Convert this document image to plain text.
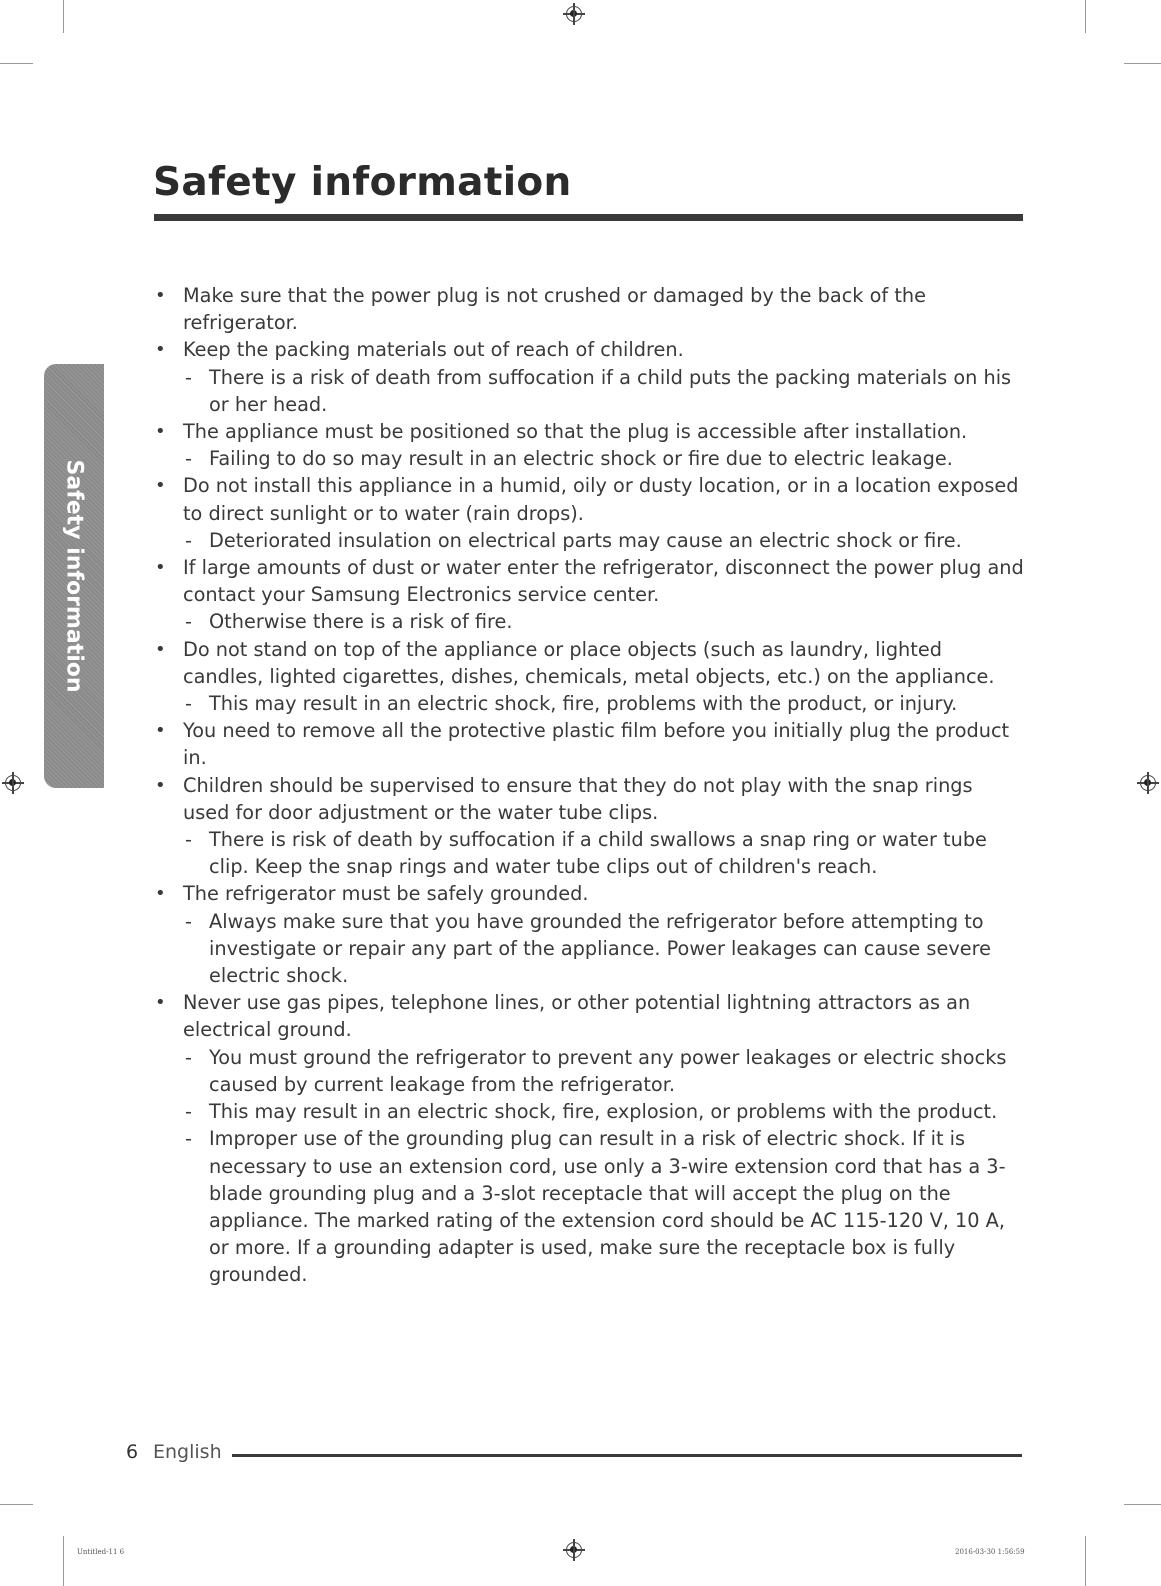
Safety information
Safety information
• Make sure that the power plug is not crushed or damaged by the back of the refrigerator.
• Keep the packing materials out of reach of children.
- There is a risk of death from suffocation if a child puts the packing materials on his or her head.
• The appliance must be positioned so that the plug is accessible after installation.
- Failing to do so may result in an electric shock or fire due to electric leakage.
• Do not install this appliance in a humid, oily or dusty location, or in a location exposed to direct sunlight or to water (rain drops).
- Deteriorated insulation on electrical parts may cause an electric shock or fire.
• If large amounts of dust or water enter the refrigerator, disconnect the power plug and contact your Samsung Electronics service center.
- Otherwise there is a risk of fire.
• Do not stand on top of the appliance or place objects (such as laundry, lighted candles, lighted cigarettes, dishes, chemicals, metal objects, etc.) on the appliance.
- This may result in an electric shock, fire, problems with the product, or injury.
• You need to remove all the protective plastic film before you initially plug the product in.
• Children should be supervised to ensure that they do not play with the snap rings used for door adjustment or the water tube clips.
- There is risk of death by suffocation if a child swallows a snap ring or water tube clip. Keep the snap rings and water tube clips out of children's reach.
• The refrigerator must be safely grounded.
- Always make sure that you have grounded the refrigerator before attempting to investigate or repair any part of the appliance. Power leakages can cause severe electric shock.
• Never use gas pipes, telephone lines, or other potential lightning attractors as an electrical ground.
- You must ground the refrigerator to prevent any power leakages or electric shocks caused by current leakage from the refrigerator.
- This may result in an electric shock, fire, explosion, or problems with the product.
- Improper use of the grounding plug can result in a risk of electric shock. If it is necessary to use an extension cord, use only a 3-wire extension cord that has a 3-blade grounding plug and a 3-slot receptacle that will accept the plug on the appliance. The marked rating of the extension cord should be AC 115-120 V, 10 A, or more. If a grounding adapter is used, make sure the receptacle box is fully grounded.
6 English
Untitled-11 6	2016-03-30 1:56:59
